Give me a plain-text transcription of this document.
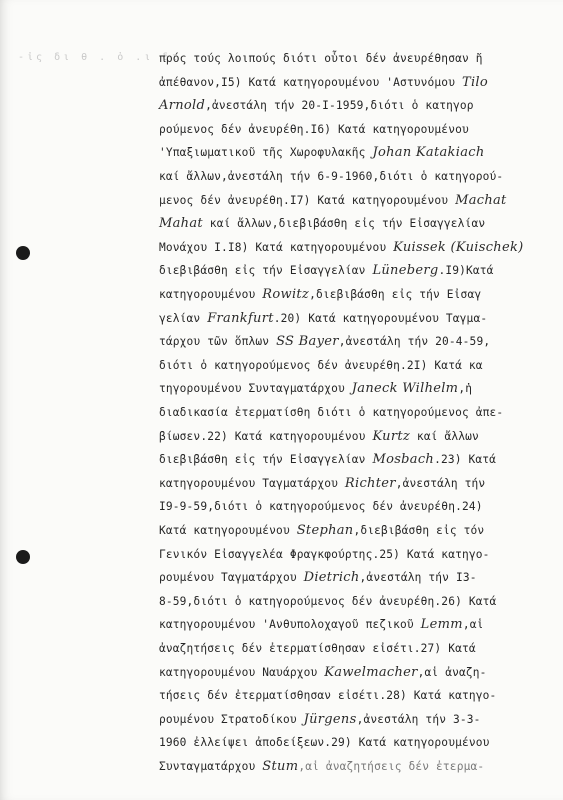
-ἰς δι θ . ὁ .ι δι
πρός τούς λοιπούς διότι οὗτοι δέν ἀνευρέθησαν ἤ
ἀπέθανον,I5) Κατά κατηγορουμένου 'Αστυνόμου Tilo
Arnold,ἀνεστάλη τήν 20-I-1959,διότι ὁ κατηγορ
ρούμενος δέν ἀνευρέθη.I6) Κατά κατηγορουμένου
'Υπαξιωματικοῦ τῆς Χωροφυλακῆς Johan Katakiach
καί ἄλλων,ἀνεστάλη τήν 6-9-1960,διότι ὁ κατηγορού-
μενος δέν ἀνευρέθη.I7) Κατά κατηγορουμένου Machat
Mahat καί ἄλλων,διεβιβάσθη εἰς τήν Εἰσαγγελίαν
Μονάχου I.I8) Κατά κατηγορουμένου Kuissek (Kuischek)
διεβιβάσθη εἰς τήν Εἰσαγγελίαν Lüneberg.I9)Κατά
κατηγορουμένου Rowitz,διεβιβάσθη εἰς τήν Εἰσαγ
γελίαν Frankfurt.20) Κατά κατηγορουμένου Ταγμα-
τάρχου τῶν ὅπλων SS Bayer,ἀνεστάλη τήν 20-4-59,
διότι ὁ κατηγορούμενος δέν ἀνευρέθη.2I) Κατά κα
τηγορουμένου Συνταγματάρχου Janeck Wilhelm,ἡ
διαδικασία ἐτερματίσθη διότι ὁ κατηγορούμενος ἀπε-
βίωσεν.22) Κατά κατηγορουμένου Kurtz καί ἄλλων
διεβιβάσθη εἰς τήν Εἰσαγγελίαν Mosbach.23) Κατά
κατηγορουμένου Ταγματάρχου Richter,ἀνεστάλη τήν
I9-9-59,διότι ὁ κατηγορούμενος δέν ἀνευρέθη.24)
Κατά κατηγορουμένου Stephan,διεβιβάσθη εἰς τόν
Γενικόν Εἰσαγγελέα Φραγκφούρτης.25) Κατά κατηγο-
ρουμένου Ταγματάρχου Dietrich,ἀνεστάλη τήν I3-
8-59,διότι ὁ κατηγορούμενος δέν ἀνευρέθη.26) Κατά
κατηγορουμένου 'Ανθυπολοχαγοῦ πεζικοῦ Lemm,αἱ
ἀναζητήσεις δέν ἐτερματίσθησαν εἰσέτι.27) Κατά
κατηγορουμένου Ναυάρχου Kawelmacher,αἱ ἀναζη-
τήσεις δέν ἐτερματίσθησαν εἰσέτι.28) Κατά κατηγο-
ρουμένου Στρατοδίκου Jürgens,ἀνεστάλη τήν 3-3-
1960 ἐλλείψει ἀποδείξεων.29) Κατά κατηγορουμένου
Συνταγματάρχου Stum,αἱ ἀναζητήσεις δέν ἐτερμα-
